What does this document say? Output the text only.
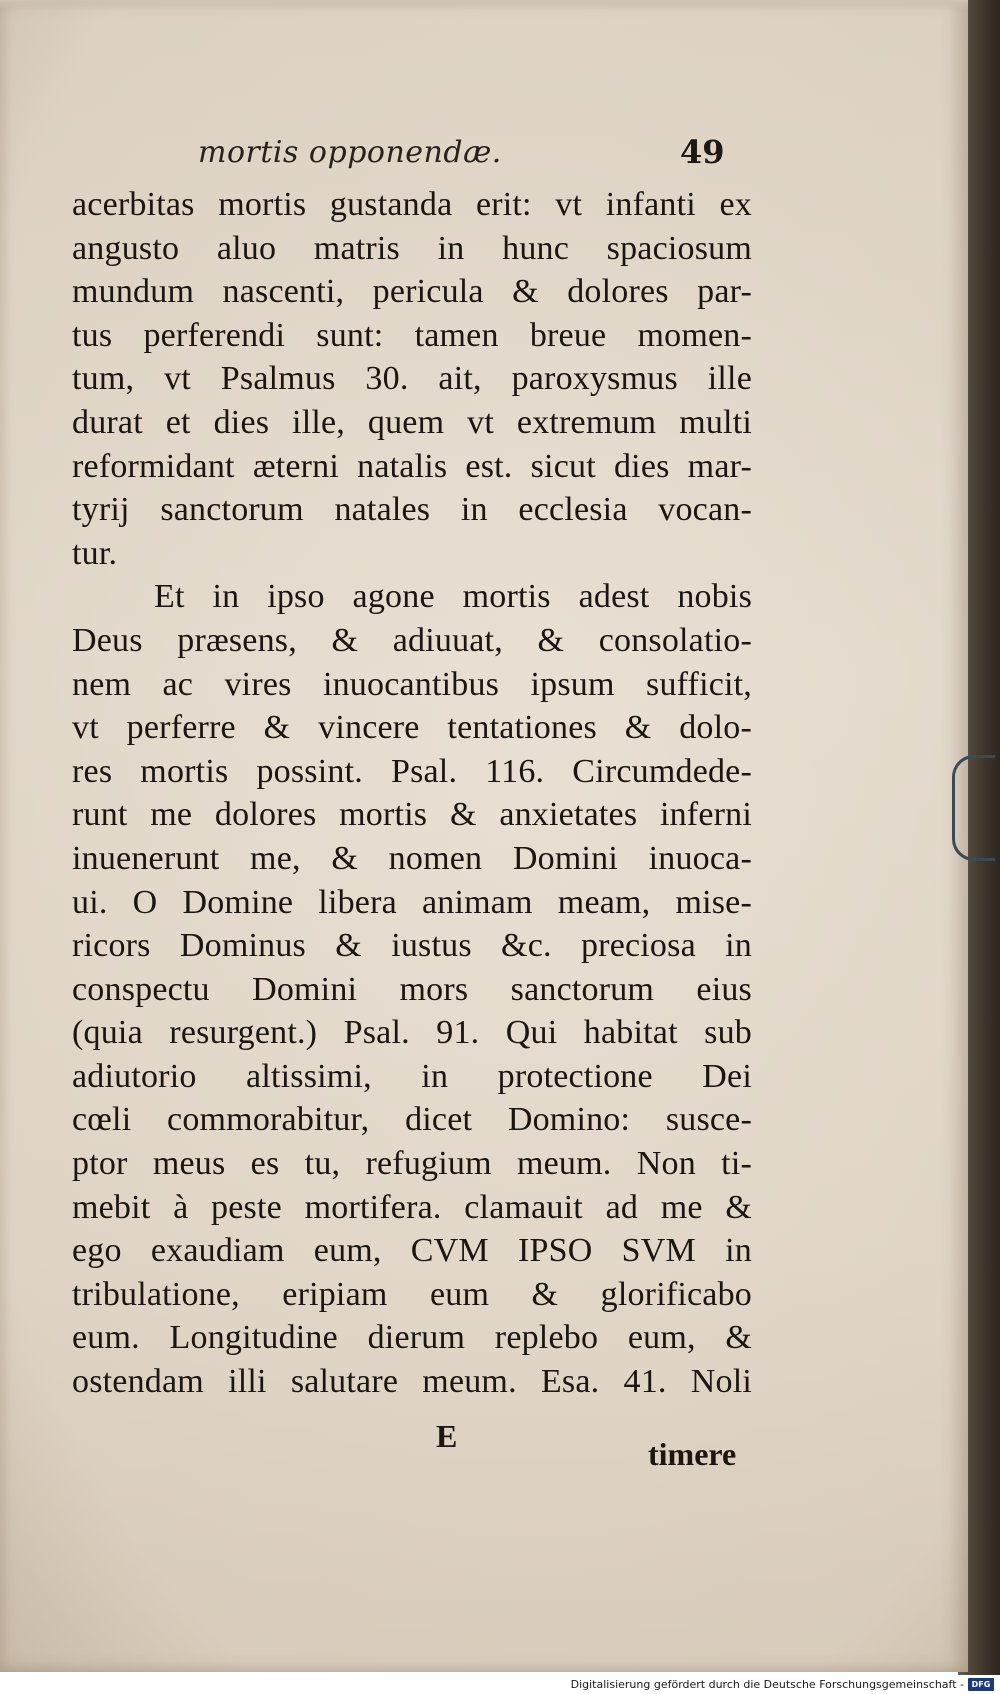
mortis opponendæ.	49
acerbitas mortis gustanda erit: vt infanti ex
angusto aluo matris in hunc spaciosum
mundum nascenti, pericula & dolores par-
tus perferendi sunt: tamen breue momen-
tum, vt Psalmus 30. ait, paroxysmus ille
durat et dies ille, quem vt extremum multi
reformidant æterni natalis est. sicut dies mar-
tyrij sanctorum natales in ecclesia vocan-
tur.
Et in ipso agone mortis adest nobis
Deus præsens, & adiuuat, & consolatio-
nem ac vires inuocantibus ipsum sufficit,
vt perferre & vincere tentationes & dolo-
res mortis possint. Psal. 116. Circumdede-
runt me dolores mortis & anxietates inferni
inuenerunt me, & nomen Domini inuoca-
ui. O Domine libera animam meam, mise-
ricors Dominus & iustus &c. preciosa in
conspectu Domini mors sanctorum eius
(quia resurgent.) Psal. 91. Qui habitat sub
adiutorio altissimi, in protectione Dei
cœli commorabitur, dicet Domino: susce-
ptor meus es tu, refugium meum. Non ti-
mebit à peste mortifera. clamauit ad me &
ego exaudiam eum, CVM IPSO SVM in
tribulatione, eripiam eum & glorificabo
eum. Longitudine dierum replebo eum, &
ostendam illi salutare meum. Esa. 41. Noli
E	timere
Digitalisierung gefördert durch die Deutsche Forschungsgemeinschaft - DFG
